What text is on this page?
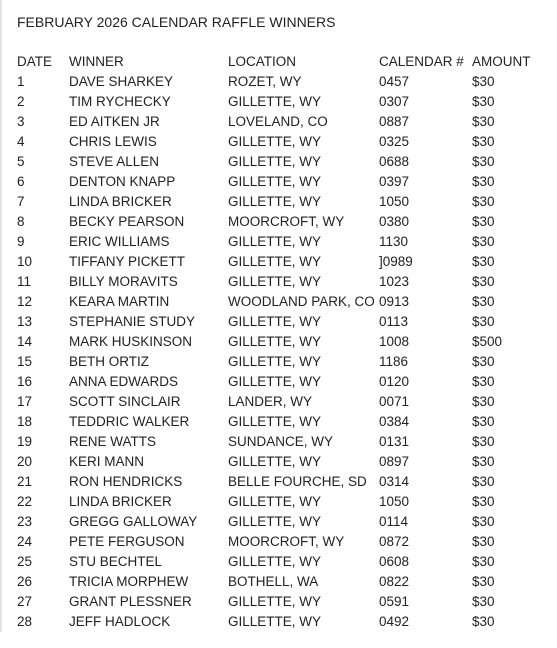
FEBRUARY 2026 CALENDAR RAFFLE WINNERS
DATE	WINNER	LOCATION	CALENDAR #	AMOUNT
1	DAVE SHARKEY	ROZET, WY	0457	$30
2	TIM RYCHECKY	GILLETTE, WY	0307	$30
3	ED AITKEN JR	LOVELAND, CO	0887	$30
4	CHRIS LEWIS	GILLETTE, WY	0325	$30
5	STEVE ALLEN	GILLETTE, WY	0688	$30
6	DENTON KNAPP	GILLETTE, WY	0397	$30
7	LINDA BRICKER	GILLETTE, WY	1050	$30
8	BECKY PEARSON	MOORCROFT, WY	0380	$30
9	ERIC WILLIAMS	GILLETTE, WY	1130	$30
10	TIFFANY PICKETT	GILLETTE, WY	]0989	$30
11	BILLY MORAVITS	GILLETTE, WY	1023	$30
12	KEARA MARTIN	WOODLAND PARK, CO	0913	$30
13	STEPHANIE STUDY	GILLETTE, WY	0113	$30
14	MARK HUSKINSON	GILLETTE, WY	1008	$500
15	BETH ORTIZ	GILLETTE, WY	1186	$30
16	ANNA EDWARDS	GILLETTE, WY	0120	$30
17	SCOTT SINCLAIR	LANDER, WY	0071	$30
18	TEDDRIC WALKER	GILLETTE, WY	0384	$30
19	RENE WATTS	SUNDANCE, WY	0131	$30
20	KERI MANN	GILLETTE, WY	0897	$30
21	RON HENDRICKS	BELLE FOURCHE, SD	0314	$30
22	LINDA BRICKER	GILLETTE, WY	1050	$30
23	GREGG GALLOWAY	GILLETTE, WY	0114	$30
24	PETE FERGUSON	MOORCROFT, WY	0872	$30
25	STU BECHTEL	GILLETTE, WY	0608	$30
26	TRICIA MORPHEW	BOTHELL, WA	0822	$30
27	GRANT PLESSNER	GILLETTE, WY	0591	$30
28	JEFF HADLOCK	GILLETTE, WY	0492	$30
